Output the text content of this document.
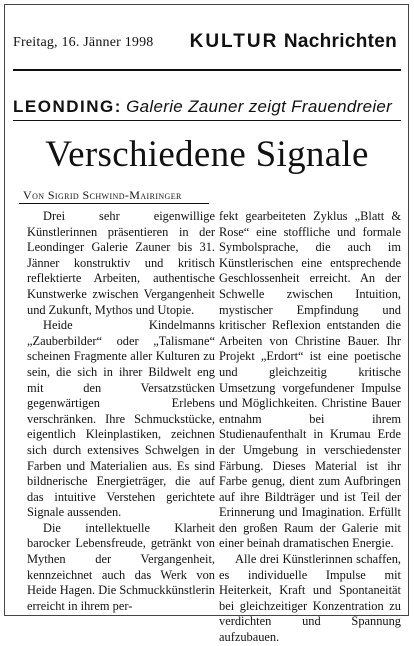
Freitag, 16. Jänner 1998 KULTUR Nachrichten
LEONDING: Galerie Zauner zeigt Frauendreier
Verschiedene Signale
Von Sigrid Schwind-Mairinger

Drei sehr eigenwillige Künstlerinnen präsentieren in der Leondinger Galerie Zauner bis 31. Jänner konstruktiv und kritisch reflektierte Arbeiten, authentische Kunstwerke zwischen Vergangenheit und Zukunft, Mythos und Utopie.

Heide Kindelmanns „Zauberbilder“ oder „Talismane“ scheinen Fragmente aller Kulturen zu sein, die sich in ihrer Bildwelt eng mit den Versatzstücken gegenwärtigen Erlebens verschränken. Ihre Schmuckstücke, eigentlich Kleinplastiken, zeichnen sich durch extensives Schwelgen in Farben und Materialien aus. Es sind bildnerische Energieträger, die auf das intuitive Verstehen gerichtete Signale aussenden.

Die intellektuelle Klarheit barocker Lebensfreude, getränkt von Mythen der Vergangenheit, kennzeichnet auch das Werk von Heide Hagen. Die Schmuckkünstlerin erreicht in ihrem per-

fekt gearbeiteten Zyklus „Blatt & Rose“ eine stoffliche und formale Symbolsprache, die auch im Künstlerischen eine entsprechende Geschlossenheit erreicht. An der Schwelle zwischen Intuition, mystischer Empfindung und kritischer Reflexion entstanden die Arbeiten von Christine Bauer. Ihr Projekt „Erdort“ ist eine poetische und gleichzeitig kritische Umsetzung vorgefundener Impulse und Möglichkeiten. Christine Bauer entnahm bei ihrem Studienaufenthalt in Krumau Erde der Umgebung in verschiedenster Färbung. Dieses Material ist ihr Farbe genug, dient zum Aufbringen auf ihre Bildträger und ist Teil der Erinnerung und Imagination. Erfüllt den großen Raum der Galerie mit einer beinah dramatischen Energie.

Alle drei Künstlerinnen schaffen, es individuelle Impulse mit Heiterkeit, Kraft und Spontaneität bei gleichzeitiger Konzentration zu verdichten und Spannung aufzubauen.
